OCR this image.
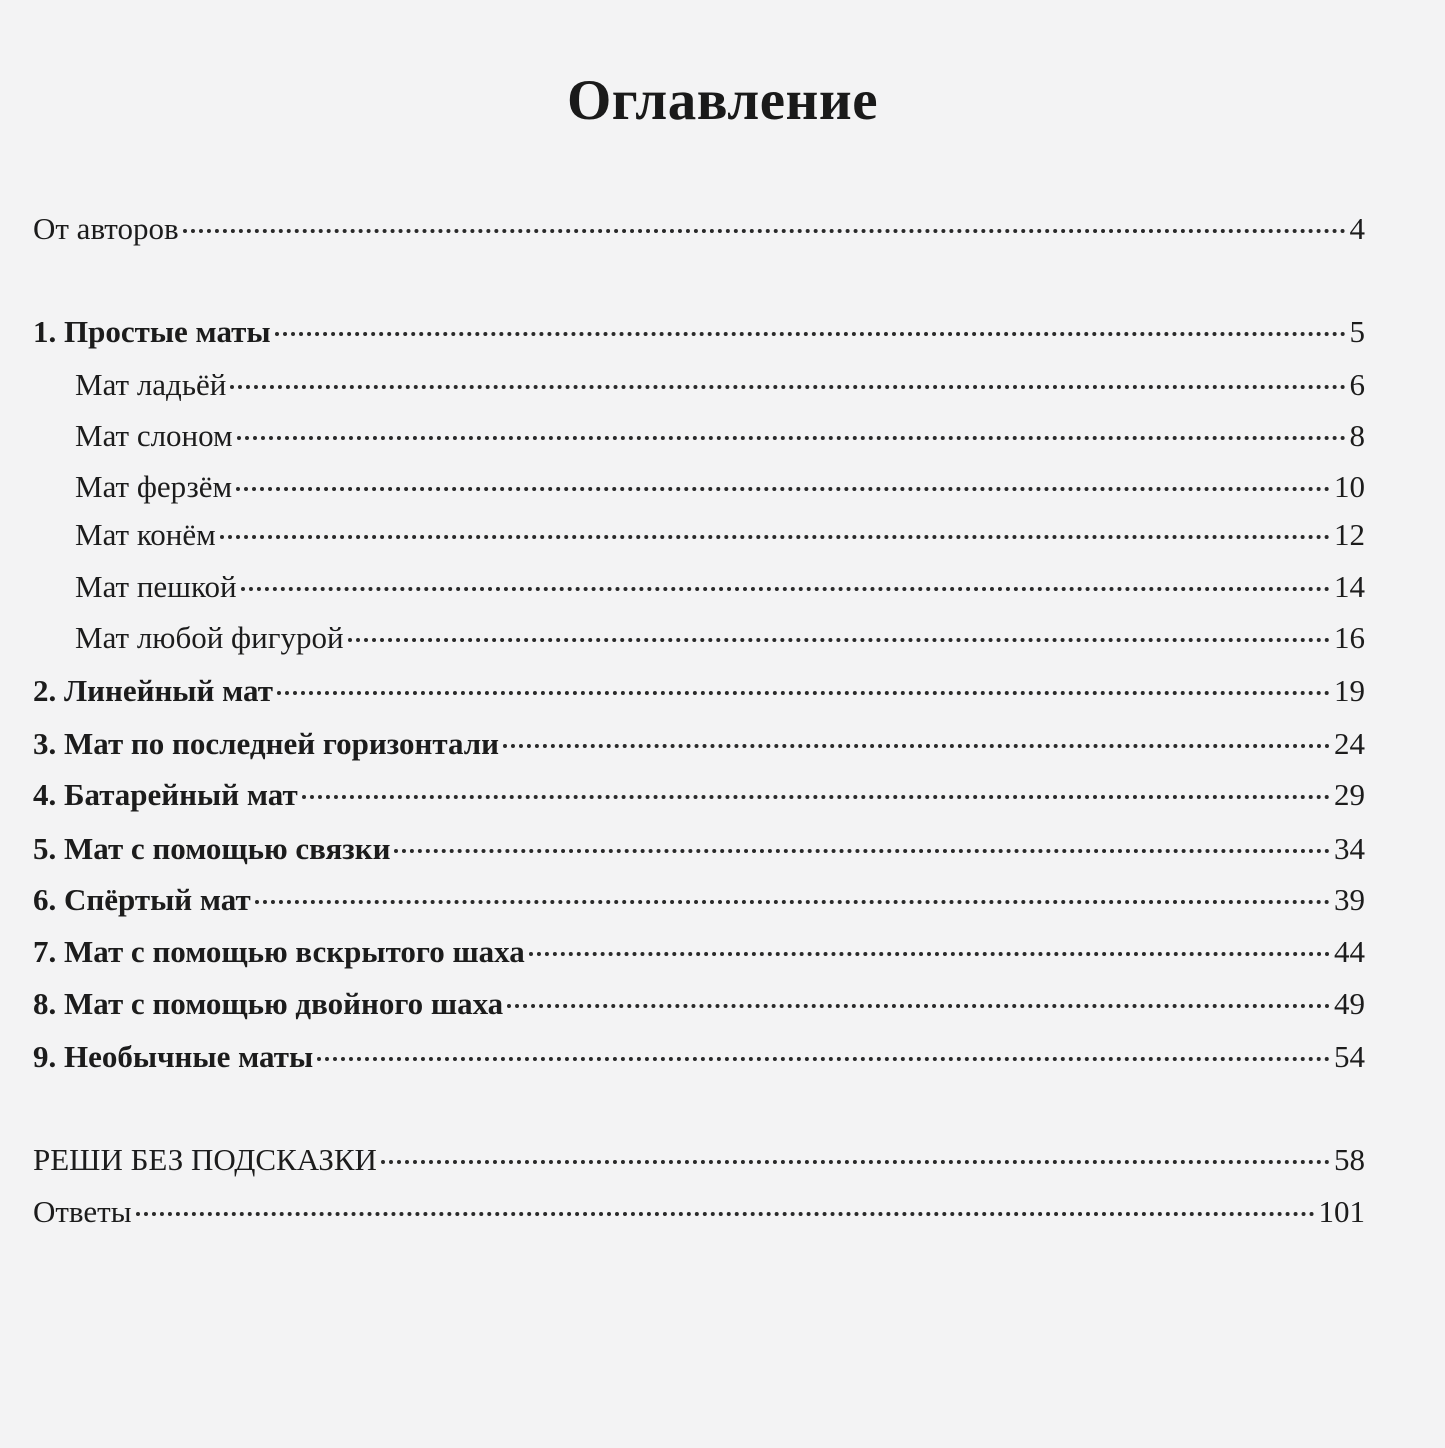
Оглавление
От авторов	4
1. Простые маты	5
Мат ладьёй	6
Мат слоном	8
Мат ферзём	10
Мат конём	12
Мат пешкой	14
Мат любой фигурой	16
2. Линейный мат	19
3. Мат по последней горизонтали	24
4. Батарейный мат	29
5. Мат с помощью связки	34
6. Спёртый мат	39
7. Мат с помощью вскрытого шаха	44
8. Мат с помощью двойного шаха	49
9. Необычные маты	54
РЕШИ БЕЗ ПОДСКАЗКИ	58
Ответы	101
